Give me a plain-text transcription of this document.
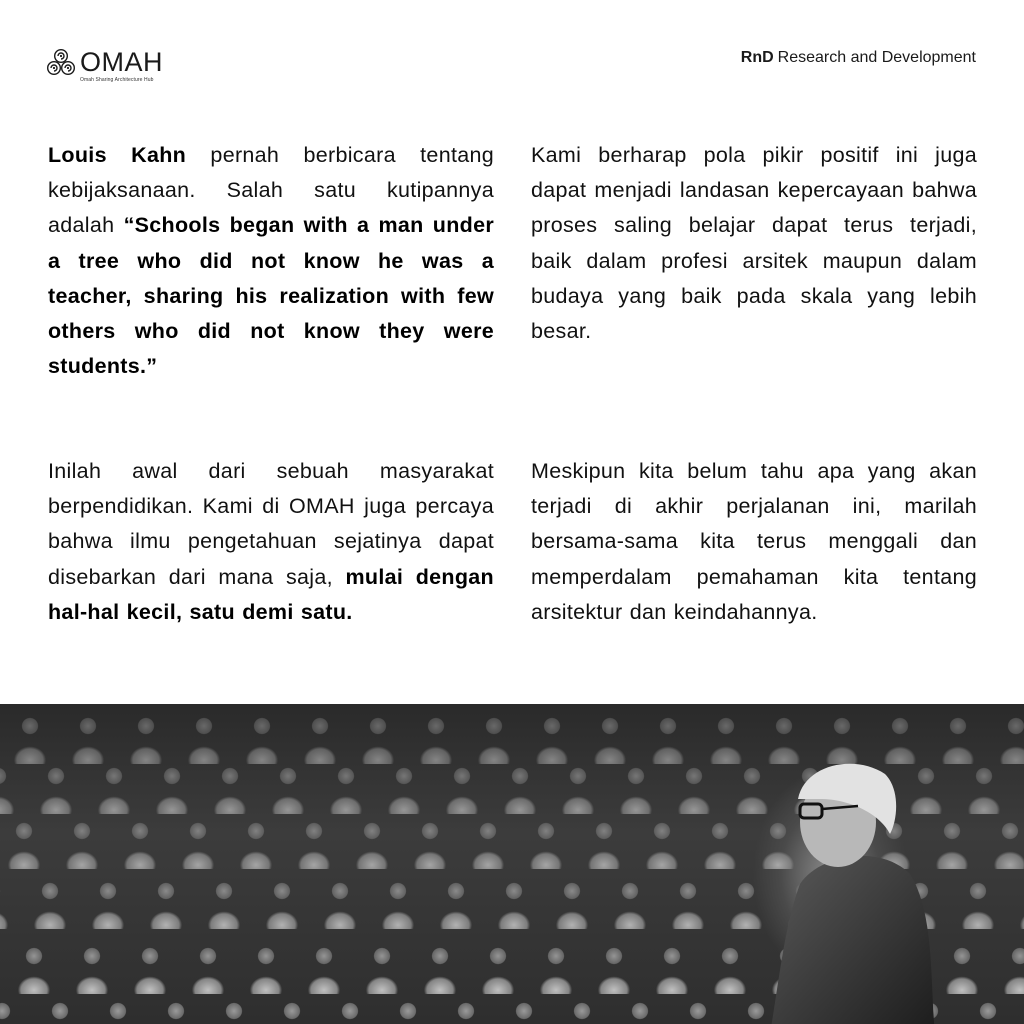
OMAH
Omah Sharing Architecture Hub
RnD Research and Development

Louis Kahn pernah berbicara tentang kebijaksanaan. Salah satu kutipannya adalah “Schools began with a man under a tree who did not know he was a teacher, sharing his realization with few others who did not know they were students.”

Inilah awal dari sebuah masyarakat berpendidikan. Kami di OMAH juga percaya bahwa ilmu pengetahuan sejatinya dapat disebarkan dari mana saja, mulai dengan hal-hal kecil, satu demi satu.

Kami berharap pola pikir positif ini juga dapat menjadi landasan kepercayaan bahwa proses saling belajar dapat terus terjadi, baik dalam profesi arsitek maupun dalam budaya yang baik pada skala yang lebih besar.

Meskipun kita belum tahu apa yang akan terjadi di akhir perjalanan ini, marilah bersama-sama kita terus menggali dan memperdalam pemahaman kita tentang arsitektur dan keindahannya.
